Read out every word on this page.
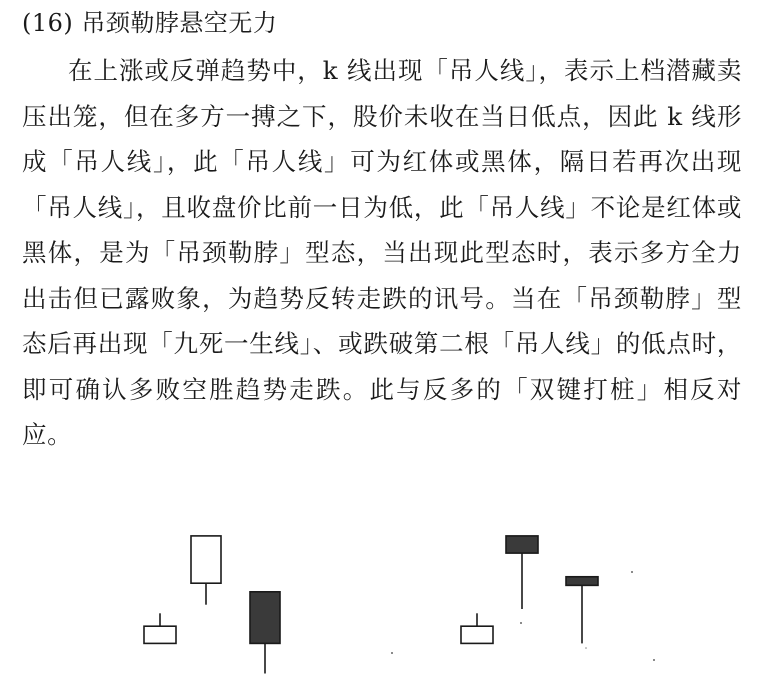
(16) 吊颈勒脖悬空无力

在上涨或反弹趋势中，k 线出现「吊人线」，表示上档潜藏卖压出笼，但在多方一搏之下，股价未收在当日低点，因此 k 线形成「吊人线」，此「吊人线」可为红体或黑体，隔日若再次出现「吊人线」，且收盘价比前一日为低，此「吊人线」不论是红体或黑体，是为「吊颈勒脖」型态，当出现此型态时，表示多方全力出击但已露败象，为趋势反转走跌的讯号。当在「吊颈勒脖」型态后再出现「九死一生线」、或跌破第二根「吊人线」的低点时，即可确认多败空胜趋势走跌。此与反多的「双键打桩」相反对应。
